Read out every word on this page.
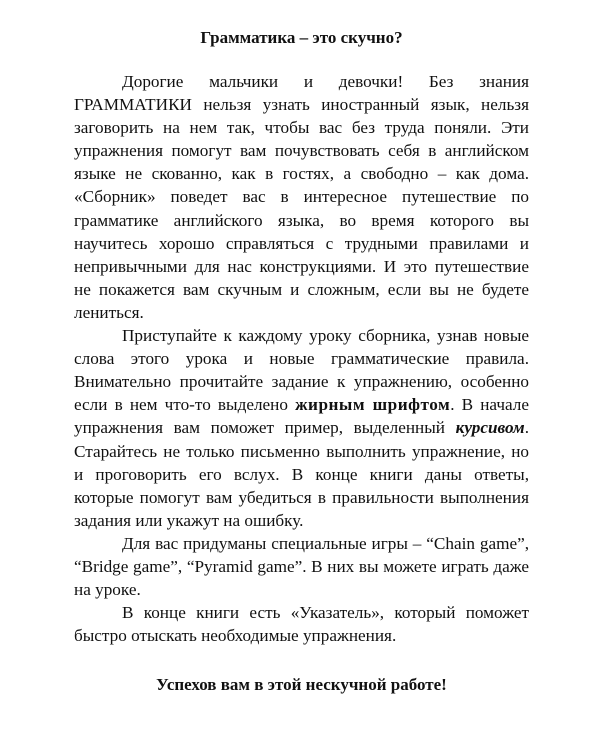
Грамматика – это скучно?

Дорогие мальчики и девочки! Без знания ГРАММАТИКИ нельзя узнать иностранный язык, нельзя заговорить на нем так, чтобы вас без труда поняли. Эти упражнения помогут вам почувствовать себя в английском языке не скованно, как в гостях, а свободно – как дома. «Сборник» поведет вас в интересное путешествие по грамматике английского языка, во время которого вы научитесь хорошо справляться с трудными правилами и непривычными для нас конструкциями. И это путешествие не покажется вам скучным и сложным, если вы не будете лениться.

Приступайте к каждому уроку сборника, узнав новые слова этого урока и новые грамматические правила. Внимательно прочитайте задание к упражнению, особенно если в нем что-то выделено жирным шрифтом. В начале упражнения вам поможет пример, выделенный курсивом. Старайтесь не только письменно выполнить упражнение, но и проговорить его вслух. В конце книги даны ответы, которые помогут вам убедиться в правильности выполнения задания или укажут на ошибку.

Для вас придуманы специальные игры – “Chain game”, “Bridge game”, “Pyramid game”. В них вы можете играть даже на уроке.

В конце книги есть «Указатель», который поможет быстро отыскать необходимые упражнения.

Успехов вам в этой нескучной работе!
